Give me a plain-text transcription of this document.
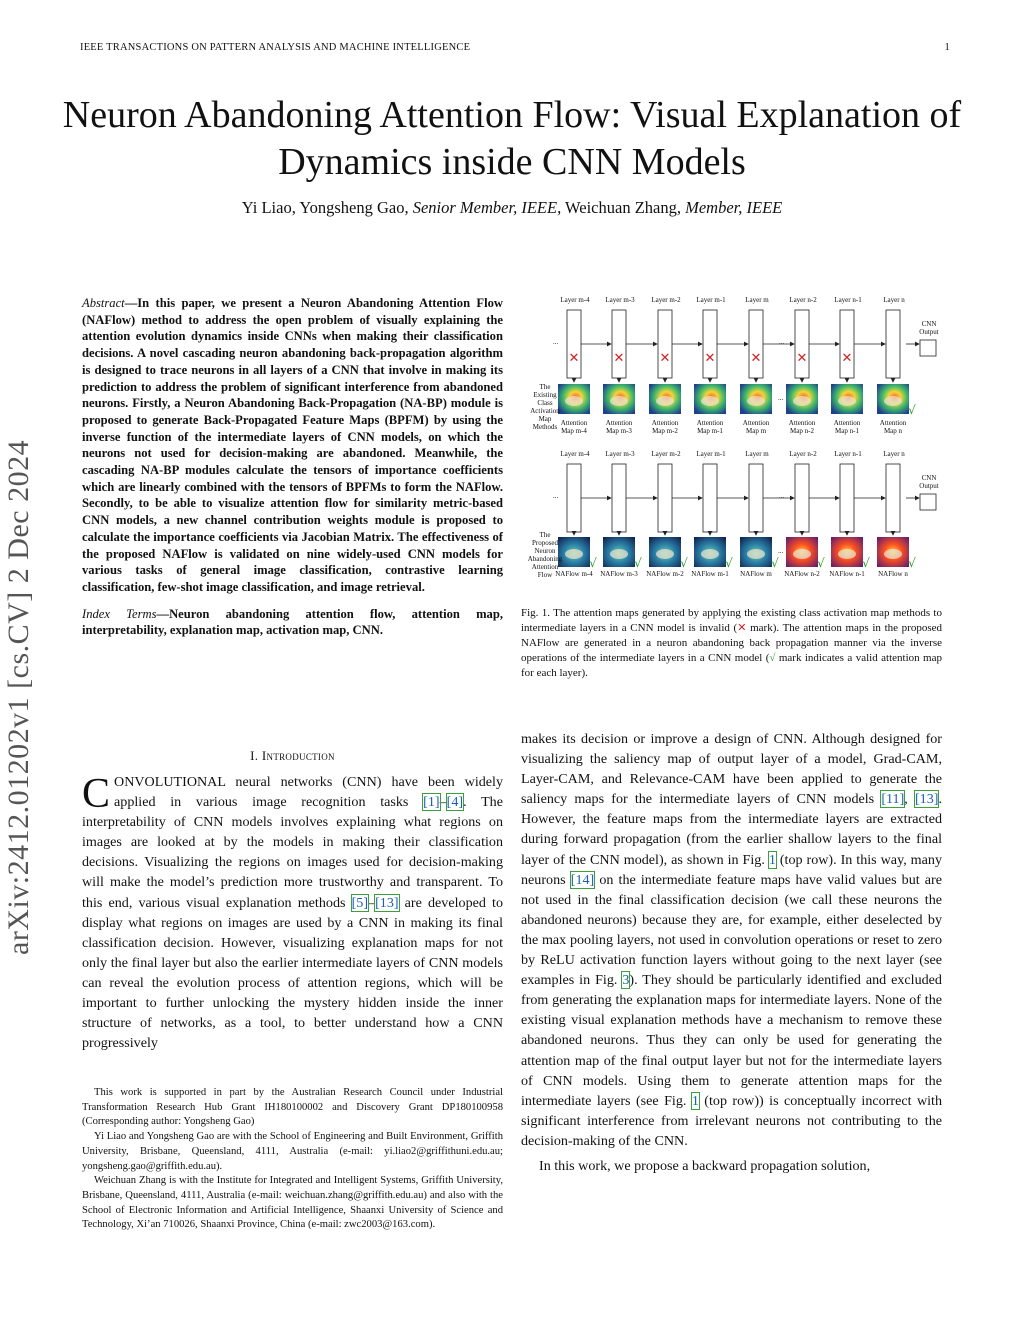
IEEE TRANSACTIONS ON PATTERN ANALYSIS AND MACHINE INTELLIGENCE	1
Neuron Abandoning Attention Flow: Visual Explanation of Dynamics inside CNN Models
Yi Liao, Yongsheng Gao, Senior Member, IEEE, Weichuan Zhang, Member, IEEE
arXiv:2412.01202v1 [cs.CV] 2 Dec 2024

Abstract—In this paper, we present a Neuron Abandoning Attention Flow (NAFlow) method to address the open problem of visually explaining the attention evolution dynamics inside CNNs when making their classification decisions. A novel cascading neuron abandoning back-propagation algorithm is designed to trace neurons in all layers of a CNN that involve in making its prediction to address the problem of significant interference from abandoned neurons. Firstly, a Neuron Abandoning Back-Propagation (NA-BP) module is proposed to generate Back-Propagated Feature Maps (BPFM) by using the inverse function of the intermediate layers of CNN models, on which the neurons not used for decision-making are abandoned. Meanwhile, the cascading NA-BP modules calculate the tensors of importance coefficients which are linearly combined with the tensors of BPFMs to form the NAFlow. Secondly, to be able to visualize attention flow for similarity metric-based CNN models, a new channel contribution weights module is proposed to calculate the importance coefficients via Jacobian Matrix. The effectiveness of the proposed NAFlow is validated on nine widely-used CNN models for various tasks of general image classification, contrastive learning classification, few-shot image classification, and image retrieval.

Index Terms—Neuron abandoning attention flow, attention map, interpretability, explanation map, activation map, CNN.

I. Introduction
CONVOLUTIONAL neural networks (CNN) have been widely applied in various image recognition tasks [1]–[4]. The interpretability of CNN models involves explaining what regions on images are looked at by the models in making their classification decisions. Visualizing the regions on images used for decision-making will make the model’s prediction more trustworthy and transparent. To this end, various visual explanation methods [5]–[13] are developed to display what regions on images are used by a CNN in making its final classification decision. However, visualizing explanation maps for not only the final layer but also the earlier intermediate layers of CNN models can reveal the evolution process of attention regions, which will be important to further unlocking the mystery hidden inside the inner structure of networks, as a tool, to better understand how a CNN progressively

This work is supported in part by the Australian Research Council under Industrial Transformation Research Hub Grant IH180100002 and Discovery Grant DP180100958 (Corresponding author: Yongsheng Gao)

Yi Liao and Yongsheng Gao are with the School of Engineering and Built Environment, Griffith University, Brisbane, Queensland, 4111, Australia (e-mail: yi.liao2@griffithuni.edu.au; yongsheng.gao@griffith.edu.au).

Weichuan Zhang is with the Institute for Integrated and Intelligent Systems, Griffith University, Brisbane, Queensland, 4111, Australia (e-mail: weichuan.zhang@griffith.edu.au) and also with the School of Electronic Information and Artificial Intelligence, Shaanxi University of Science and Technology, Xi’an 710026, Shaanxi Province, China (e-mail: zwc2003@163.com).

makes its decision or improve a design of CNN. Although designed for visualizing the saliency map of output layer of a model, Grad-CAM, Layer-CAM, and Relevance-CAM have been applied to generate the saliency maps for the intermediate layers of CNN models [11], [13]. However, the feature maps from the intermediate layers are extracted during forward propagation (from the earlier shallow layers to the final layer of the CNN model), as shown in Fig. 1 (top row). In this way, many neurons [14] on the intermediate feature maps have valid values but are not used in the final classification decision (we call these neurons the abandoned neurons) because they are, for example, either deselected by the max pooling layers, not used in convolution operations or reset to zero by ReLU activation function layers without going to the next layer (see examples in Fig. 3). They should be particularly identified and excluded from generating the explanation maps for intermediate layers. None of the existing visual explanation methods have a mechanism to remove these abandoned neurons. Thus they can only be used for generating the attention map of the final output layer but not for the intermediate layers of CNN models. Using them to generate attention maps for the intermediate layers (see Fig. 1 (top row)) is conceptually incorrect with significant interference from irrelevant neurons not contributing to the decision-making of the CNN.

In this work, we propose a backward propagation solution,

Fig. 1. The attention maps generated by applying the existing class activation map methods to intermediate layers in a CNN model is invalid (✕ mark). The attention maps in the proposed NAFlow are generated in a neuron abandoning back propagation manner via the inverse operations of the intermediate layers in a CNN model (√ mark indicates a valid attention map for each layer).
Layer m-4 Layer m-3 Layer m-2 Layer m-1	Layer m	Layer n-2	Layer n-1	Layer n
...	...
CNN
Output
✕	✕	✕	✕	✕	✕	✕
√
...
Layer m-4 Layer m-3 Layer m-2 Layer m-1	Layer m	Layer n-2	Layer n-1	Layer n
...	...
CNN
Output
√	√	√	√	√	√	√	√
...
The
Existing
Class
Activation
Map
Methods
The
Proposed
Neuron
Abandoning
Attention
Flow
Attention
Map m-4
Attention
Map m-3
Attention
Map m-2
Attention
Map m-1
Attention
Map m
Attention
Map n-2
Attention
Map n-1
Attention
Map n
NAFlow m-4 NAFlow m-3 NAFlow m-2 NAFlow m-1 NAFlow m NAFlow n-2 NAFlow n-1 NAFlow n
